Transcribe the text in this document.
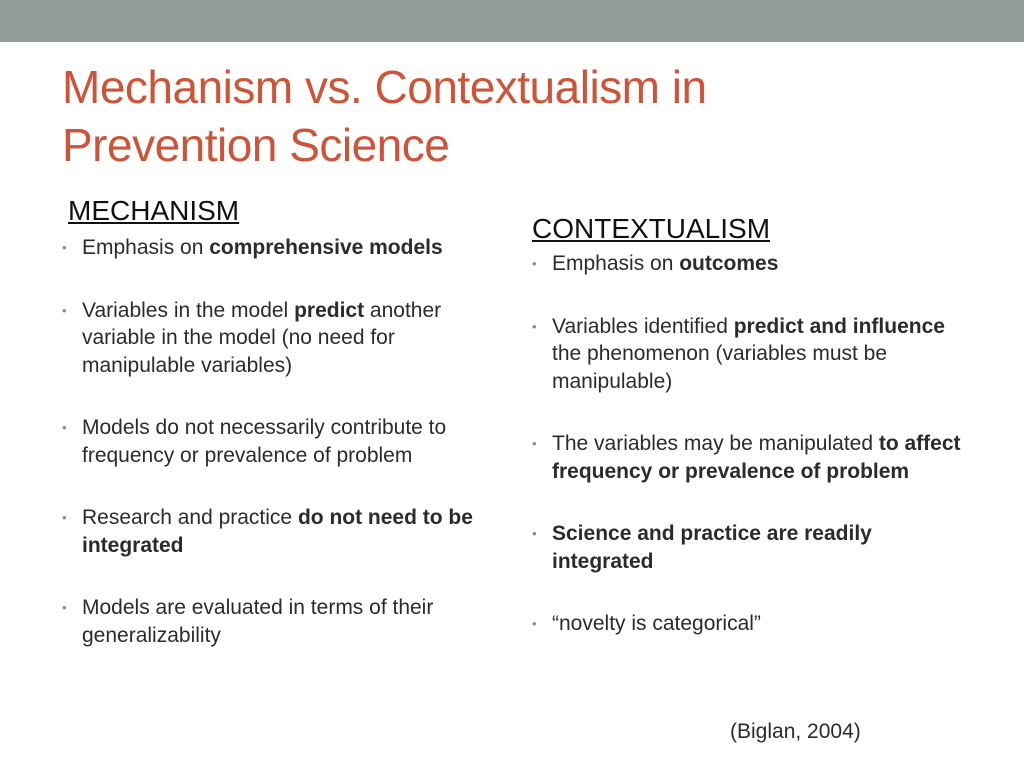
Mechanism vs. Contextualism in
Prevention Science
MECHANISM
• Emphasis on comprehensive models
• Variables in the model predict another variable in the model (no need for manipulable variables)
• Models do not necessarily contribute to frequency or prevalence of problem
• Research and practice do not need to be integrated
• Models are evaluated in terms of their generalizability
CONTEXTUALISM
• Emphasis on outcomes
• Variables identified predict and influence the phenomenon (variables must be manipulable)
• The variables may be manipulated to affect frequency or prevalence of problem
• Science and practice are readily integrated
• “novelty is categorical”
(Biglan, 2004)
